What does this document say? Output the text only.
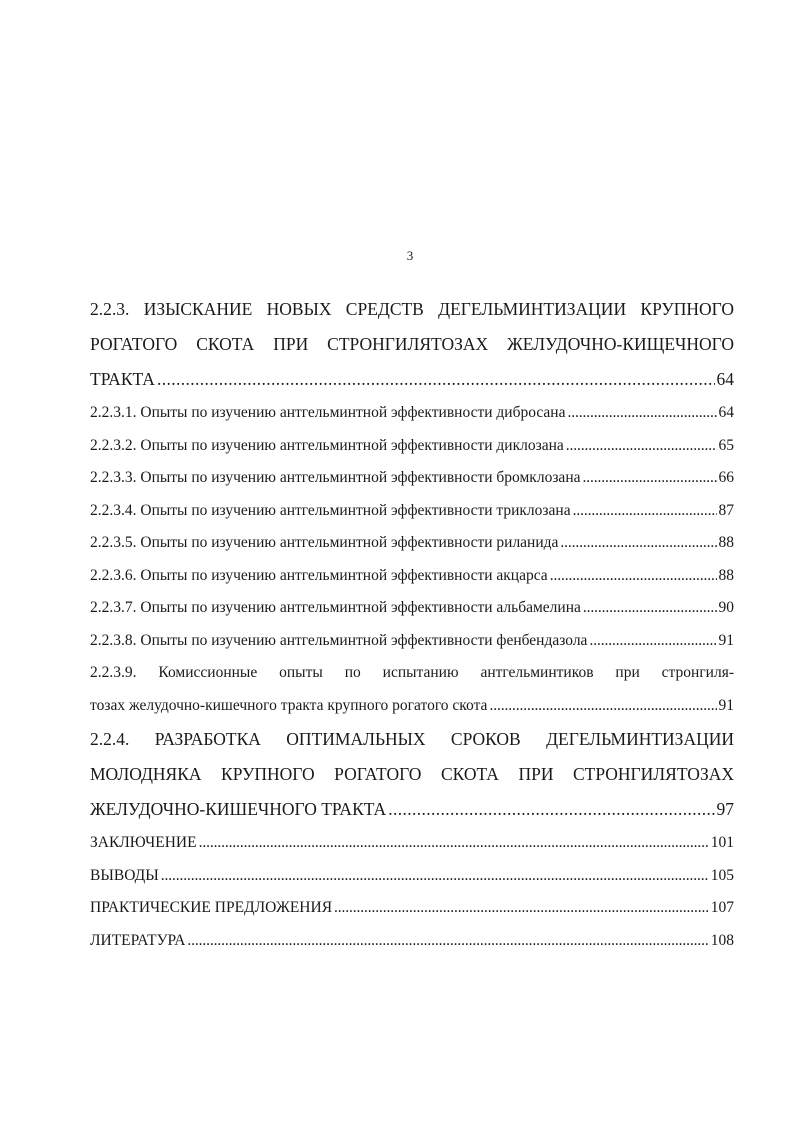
3
2.2.3. ИЗЫСКАНИЕ НОВЫХ СРЕДСТВ ДЕГЕЛЬМИНТИЗАЦИИ КРУПНОГО
РОГАТОГО СКОТА ПРИ СТРОНГИЛЯТОЗАХ ЖЕЛУДОЧНО-КИЩЕЧНОГО
ТРАКТА . . .	64
2.2.3.1. Опыты по изучению антгельминтной эффективности дибросана . . .	64
2.2.3.2. Опыты по изучению антгельминтной эффективности диклозана . . .	65
2.2.3.3. Опыты по изучению антгельминтной эффективности бромклозана . . .	66
2.2.3.4. Опыты по изучению антгельминтной эффективности триклозана . . .	87
2.2.3.5. Опыты по изучению антгельминтной эффективности риланида . . .	88
2.2.3.6. Опыты по изучению антгельминтной эффективности акцарса . . .	88
2.2.3.7. Опыты по изучению антгельминтной эффективности альбамелина . . .	90
2.2.3.8. Опыты по изучению антгельминтной эффективности фенбендазола . . .	91
2.2.3.9. Комиссионные опыты по испытанию антгельминтиков при стронгиля-
тозах желудочно-кишечного тракта крупного рогатого скота . . .	91
2.2.4. РАЗРАБОТКА ОПТИМАЛЬНЫХ СРОКОВ ДЕГЕЛЬМИНТИЗАЦИИ
МОЛОДНЯКА КРУПНОГО РОГАТОГО СКОТА ПРИ СТРОНГИЛЯТОЗАХ
ЖЕЛУДОЧНО-КИШЕЧНОГО ТРАКТА . . .	97
ЗАКЛЮЧЕНИЕ . . .	101
ВЫВОДЫ . . .	105
ПРАКТИЧЕСКИЕ ПРЕДЛОЖЕНИЯ . . .	107
ЛИТЕРАТУРА . . .	108
